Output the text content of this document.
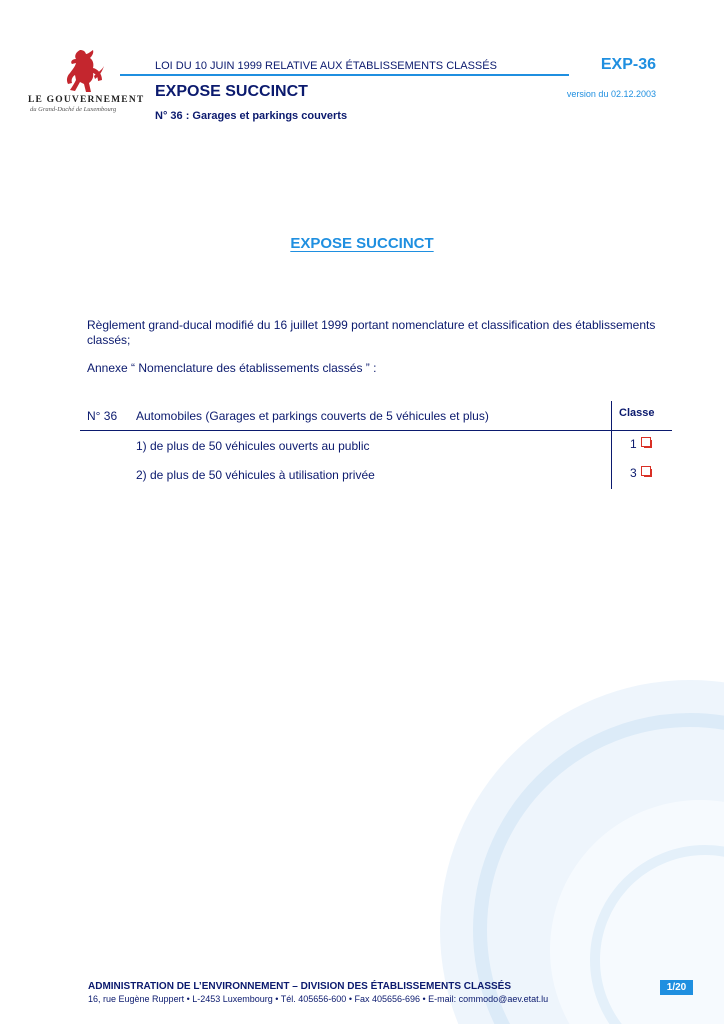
LE GOUVERNEMENT
du Grand-Duché de Luxembourg
LOI DU 10 JUIN 1999 RELATIVE AUX ÉTABLISSEMENTS CLASSÉS	EXP-36
EXPOSE SUCCINCT	version du 02.12.2003
N° 36 : Garages et parkings couverts
EXPOSE SUCCINCT
Règlement grand-ducal modifié du 16 juillet 1999 portant nomenclature et classification des établissements classés;
Annexe “ Nomenclature des établissements classés ” :
N° 36 Automobiles (Garages et parkings couverts de 5 véhicules et plus)	Classe
1) de plus de 50 véhicules ouverts au public	1
2) de plus de 50 véhicules à utilisation privée	3
ADMINISTRATION DE L’ENVIRONNEMENT – DIVISION DES ÉTABLISSEMENTS CLASSÉS
16, rue Eugène Ruppert • L-2453 Luxembourg • Tél. 405656-600 • Fax 405656-696 • E-mail: commodo@aev.etat.lu
1/20
